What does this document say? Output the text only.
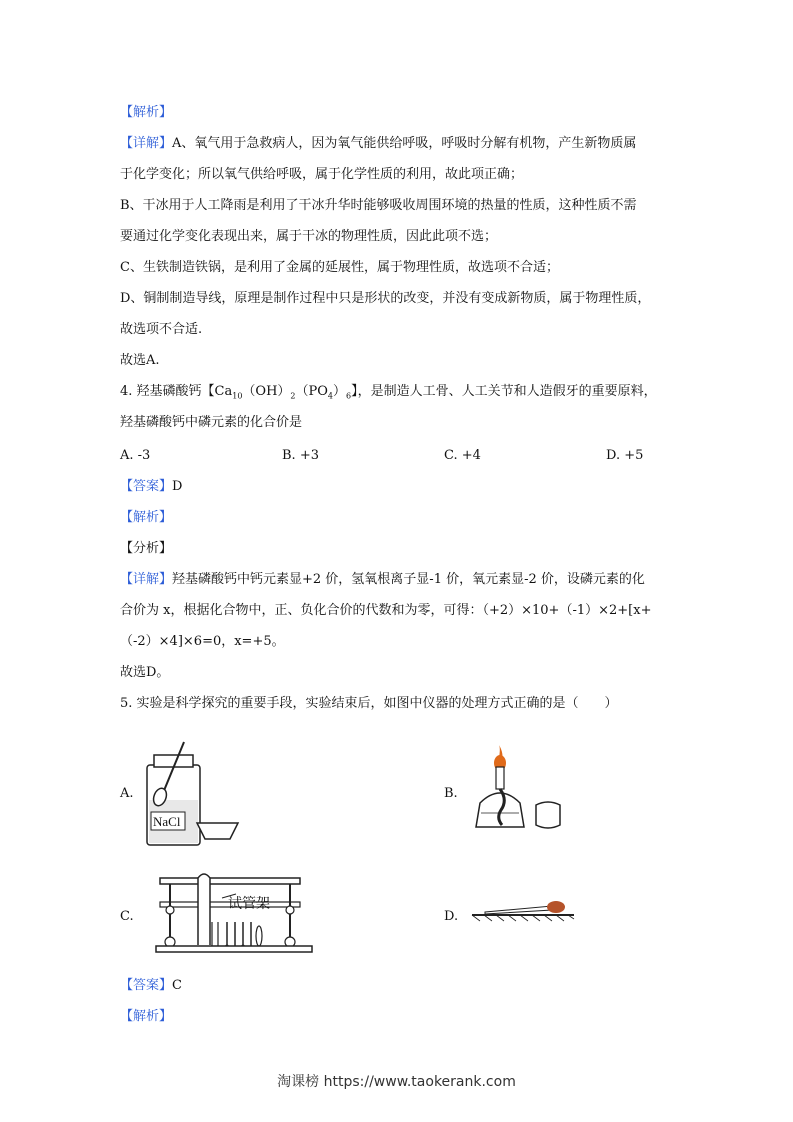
【解析】
【详解】A、氧气用于急救病人，因为氧气能供给呼吸，呼吸时分解有机物，产生新物质属
于化学变化；所以氧气供给呼吸，属于化学性质的利用，故此项正确；
B、干冰用于人工降雨是利用了干冰升华时能够吸收周围环境的热量的性质，这种性质不需
要通过化学变化表现出来，属于干冰的物理性质，因此此项不选；
C、生铁制造铁锅，是利用了金属的延展性，属于物理性质，故选项不合适；
D、铜制制造导线，原理是制作过程中只是形状的改变，并没有变成新物质，属于物理性质，
故选项不合适.
故选A.
4. 羟基磷酸钙【$Ca_{10}(OH)_2(PO_4)_6$】，是制造人工骨、人工关节和人造假牙的重要原料，
羟基磷酸钙中磷元素的化合价是
A. -3	B. +3	C. +4	D. +5
【答案】D
【解析】
【分析】
【详解】羟基磷酸钙中钙元素显+2 价，氢氧根离子显-1 价，氧元素显-2 价，设磷元素的化
合价为 x，根据化合物中，正、负化合价的代数和为零，可得：（+2）×10+（-1）×2+[x+
（-2）×4]×6=0，x=+5。
故选D。
5. 实验是科学探究的重要手段，实验结束后，如图中仪器的处理方式正确的是（　　）
A.	B.
C.	D.
NaCl
试管架
【答案】C
【解析】
淘课榜 https://www.taokerank.com
